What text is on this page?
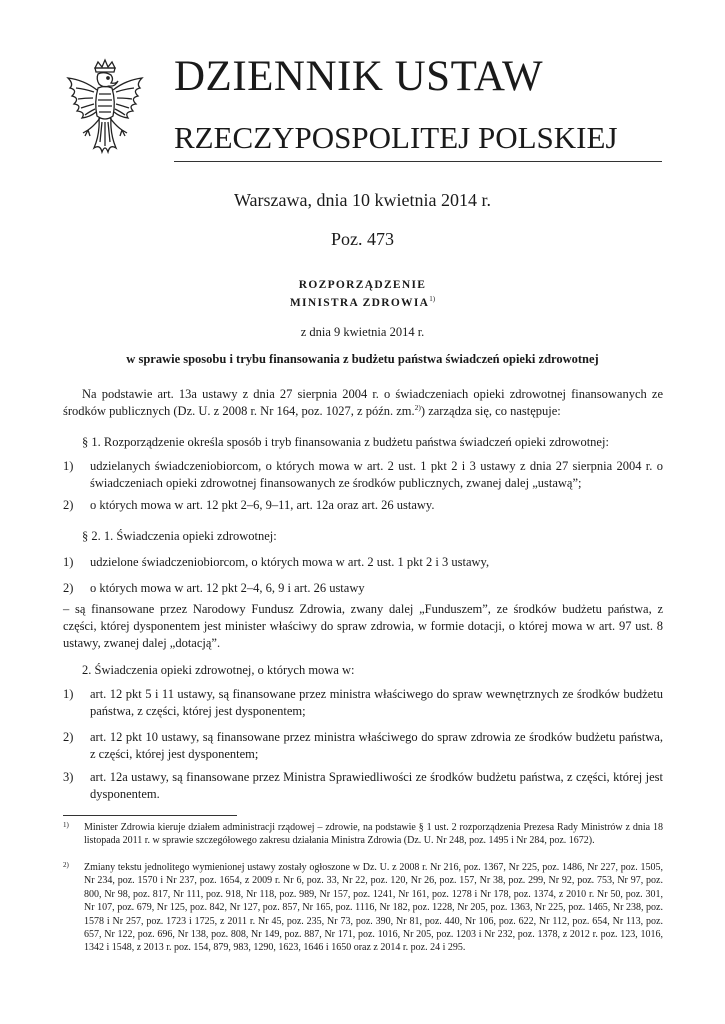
DZIENNIK USTAW
RZECZYPOSPOLITEJ POLSKIEJ
Warszawa, dnia 10 kwietnia 2014 r.
Poz. 473
ROZPORZĄDZENIE
MINISTRA ZDROWIA$^{1)}$
z dnia 9 kwietnia 2014 r.
w sprawie sposobu i trybu finansowania z budżetu państwa świadczeń opieki zdrowotnej
Na podstawie art. 13a ustawy z dnia 27 sierpnia 2004 r. o świadczeniach opieki zdrowotnej finansowanych ze środków publicznych (Dz. U. z 2008 r. Nr 164, poz. 1027, z późn. zm.$^{2)}$) zarządza się, co następuje:
§ 1. Rozporządzenie określa sposób i tryb finansowania z budżetu państwa świadczeń opieki zdrowotnej:
1) udzielanych świadczeniobiorcom, o których mowa w art. 2 ust. 1 pkt 2 i 3 ustawy z dnia 27 sierpnia 2004 r. o świadczeniach opieki zdrowotnej finansowanych ze środków publicznych, zwanej dalej „ustawą”;
2) o których mowa w art. 12 pkt 2–6, 9–11, art. 12a oraz art. 26 ustawy.
§ 2. 1. Świadczenia opieki zdrowotnej:
1) udzielone świadczeniobiorcom, o których mowa w art. 2 ust. 1 pkt 2 i 3 ustawy,
2) o których mowa w art. 12 pkt 2–4, 6, 9 i art. 26 ustawy
– są finansowane przez Narodowy Fundusz Zdrowia, zwany dalej „Funduszem”, ze środków budżetu państwa, z części, której dysponentem jest minister właściwy do spraw zdrowia, w formie dotacji, o której mowa w art. 97 ust. 8 ustawy, zwanej dalej „dotacją”.
2. Świadczenia opieki zdrowotnej, o których mowa w:
1) art. 12 pkt 5 i 11 ustawy, są finansowane przez ministra właściwego do spraw wewnętrznych ze środków budżetu państwa, z części, której jest dysponentem;
2) art. 12 pkt 10 ustawy, są finansowane przez ministra właściwego do spraw zdrowia ze środków budżetu państwa, z części, której jest dysponentem;
3) art. 12a ustawy, są finansowane przez Ministra Sprawiedliwości ze środków budżetu państwa, z części, której jest dysponentem.
1) Minister Zdrowia kieruje działem administracji rządowej – zdrowie, na podstawie § 1 ust. 2 rozporządzenia Prezesa Rady Ministrów z dnia 18 listopada 2011 r. w sprawie szczegółowego zakresu działania Ministra Zdrowia (Dz. U. Nr 248, poz. 1495 i Nr 284, poz. 1672).
2) Zmiany tekstu jednolitego wymienionej ustawy zostały ogłoszone w Dz. U. z 2008 r. Nr 216, poz. 1367, Nr 225, poz. 1486, Nr 227, poz. 1505, Nr 234, poz. 1570 i Nr 237, poz. 1654, z 2009 r. Nr 6, poz. 33, Nr 22, poz. 120, Nr 26, poz. 157, Nr 38, poz. 299, Nr 92, poz. 753, Nr 97, poz. 800, Nr 98, poz. 817, Nr 111, poz. 918, Nr 118, poz. 989, Nr 157, poz. 1241, Nr 161, poz. 1278 i Nr 178, poz. 1374, z 2010 r. Nr 50, poz. 301, Nr 107, poz. 679, Nr 125, poz. 842, Nr 127, poz. 857, Nr 165, poz. 1116, Nr 182, poz. 1228, Nr 205, poz. 1363, Nr 225, poz. 1465, Nr 238, poz. 1578 i Nr 257, poz. 1723 i 1725, z 2011 r. Nr 45, poz. 235, Nr 73, poz. 390, Nr 81, poz. 440, Nr 106, poz. 622, Nr 112, poz. 654, Nr 113, poz. 657, Nr 122, poz. 696, Nr 138, poz. 808, Nr 149, poz. 887, Nr 171, poz. 1016, Nr 205, poz. 1203 i Nr 232, poz. 1378, z 2012 r. poz. 123, 1016, 1342 i 1548, z 2013 r. poz. 154, 879, 983, 1290, 1623, 1646 i 1650 oraz z 2014 r. poz. 24 i 295.
